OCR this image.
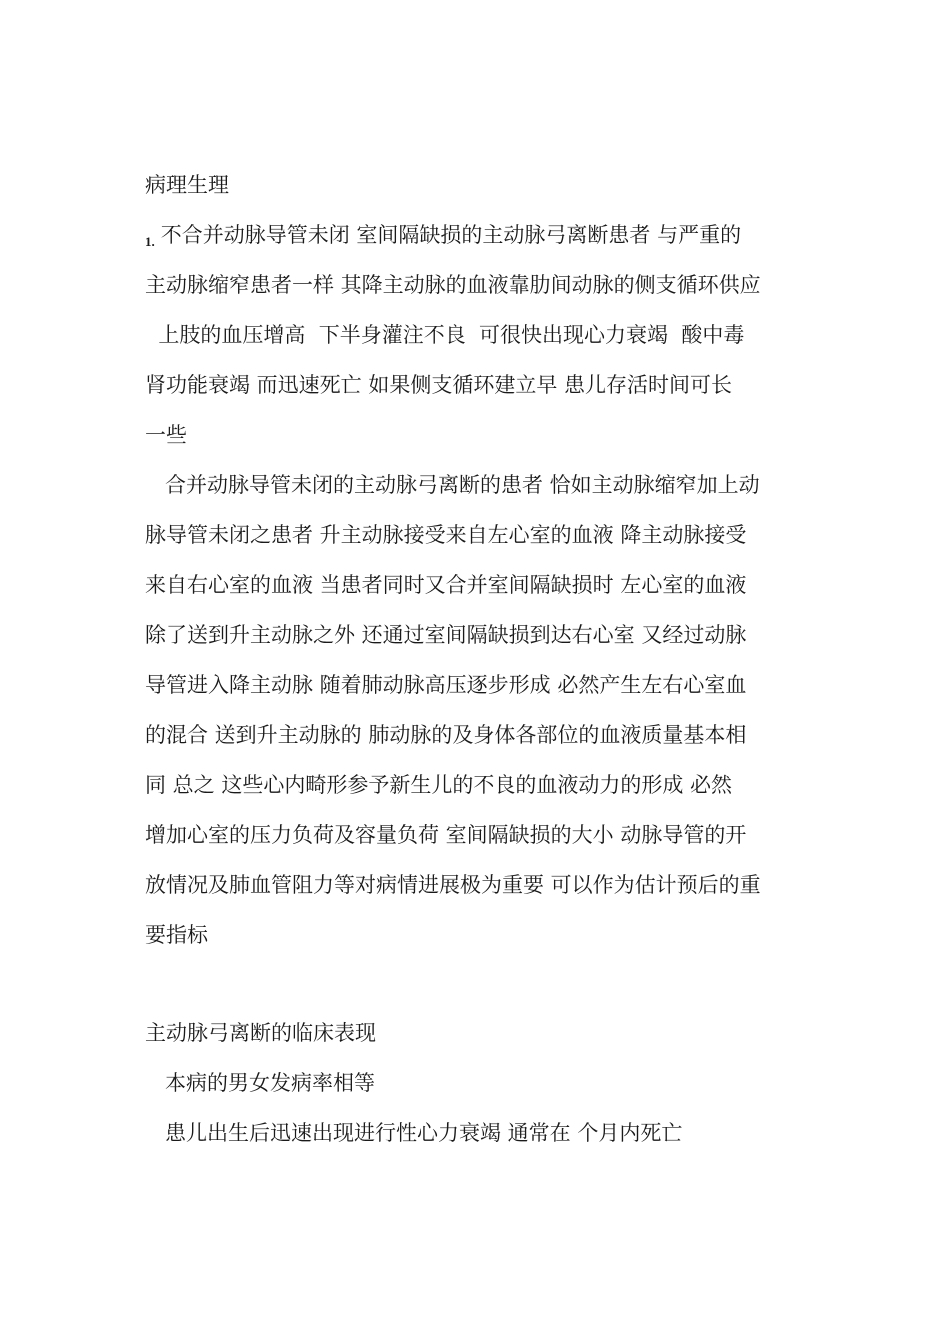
病理生理
1. 不合并动脉导管未闭 室间隔缺损的主动脉弓离断患者 与严重的
主动脉缩窄患者一样 其降主动脉的血液靠肋间动脉的侧支循环供应
上肢的血压增高  下半身灌注不良  可很快出现心力衰竭  酸中毒
肾功能衰竭 而迅速死亡 如果侧支循环建立早 患儿存活时间可长
一些
合并动脉导管未闭的主动脉弓离断的患者 恰如主动脉缩窄加上动
脉导管未闭之患者 升主动脉接受来自左心室的血液 降主动脉接受
来自右心室的血液 当患者同时又合并室间隔缺损时 左心室的血液
除了送到升主动脉之外 还通过室间隔缺损到达右心室 又经过动脉
导管进入降主动脉 随着肺动脉高压逐步形成 必然产生左右心室血
的混合 送到升主动脉的 肺动脉的及身体各部位的血液质量基本相
同 总之 这些心内畸形参予新生儿的不良的血液动力的形成 必然
增加心室的压力负荷及容量负荷 室间隔缺损的大小 动脉导管的开
放情况及肺血管阻力等对病情进展极为重要 可以作为估计预后的重
要指标
主动脉弓离断的临床表现
本病的男女发病率相等
患儿出生后迅速出现进行性心力衰竭 通常在 个月内死亡
